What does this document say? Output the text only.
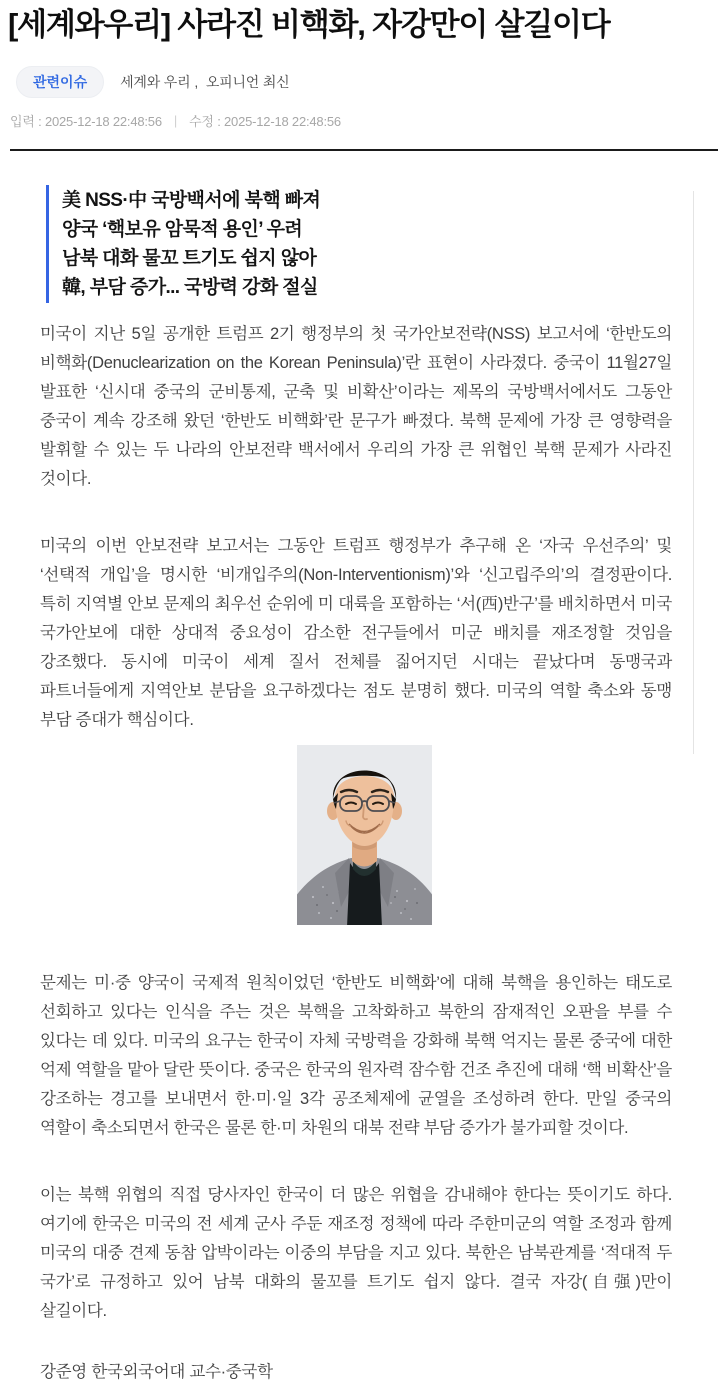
[세계와우리] 사라진 비핵화, 자강만이 살길이다
관련이슈	세계와 우리 , 오피니언 최신
입력 : 2025-12-18 22:48:56 | 수정 : 2025-12-18 22:48:56
美 NSS·中 국방백서에 북핵 빠져
양국 ‘핵보유 암묵적 용인’ 우려
남북 대화 물꼬 트기도 쉽지 않아
韓, 부담 증가... 국방력 강화 절실

미국이 지난 5일 공개한 트럼프 2기 행정부의 첫 국가안보전략(NSS) 보고서에 ‘한반도의 비핵화(Denuclearization on the Korean Peninsula)’란 표현이 사라졌다. 중국이 11월27일 발표한 ‘신시대 중국의 군비통제, 군축 및 비확산’이라는 제목의 국방백서에서도 그동안 중국이 계속 강조해 왔던 ‘한반도 비핵화’란 문구가 빠졌다. 북핵 문제에 가장 큰 영향력을 발휘할 수 있는 두 나라의 안보전략 백서에서 우리의 가장 큰 위협인 북핵 문제가 사라진 것이다.

미국의 이번 안보전략 보고서는 그동안 트럼프 행정부가 추구해 온 ‘자국 우선주의’ 및 ‘선택적 개입’을 명시한 ‘비개입주의(Non-Interventionism)’와 ‘신고립주의’의 결정판이다. 특히 지역별 안보 문제의 최우선 순위에 미 대륙을 포함하는 ‘서(西)반구’를 배치하면서 미국 국가안보에 대한 상대적 중요성이 감소한 전구들에서 미군 배치를 재조정할 것임을 강조했다. 동시에 미국이 세계 질서 전체를 짊어지던 시대는 끝났다며 동맹국과 파트너들에게 지역안보 분담을 요구하겠다는 점도 분명히 했다. 미국의 역할 축소와 동맹 부담 증대가 핵심이다.

문제는 미·중 양국이 국제적 원칙이었던 ‘한반도 비핵화’에 대해 북핵을 용인하는 태도로 선회하고 있다는 인식을 주는 것은 북핵을 고착화하고 북한의 잠재적인 오판을 부를 수 있다는 데 있다. 미국의 요구는 한국이 자체 국방력을 강화해 북핵 억지는 물론 중국에 대한 억제 역할을 맡아 달란 뜻이다. 중국은 한국의 원자력 잠수함 건조 추진에 대해 ‘핵 비확산’을 강조하는 경고를 보내면서 한·미·일 3각 공조체제에 균열을 조성하려 한다. 만일 중국의 역할이 축소되면서 한국은 물론 한·미 차원의 대북 전략 부담 증가가 불가피할 것이다.

이는 북핵 위협의 직접 당사자인 한국이 더 많은 위협을 감내해야 한다는 뜻이기도 하다. 여기에 한국은 미국의 전 세계 군사 주둔 재조정 정책에 따라 주한미군의 역할 조정과 함께 미국의 대중 견제 동참 압박이라는 이중의 부담을 지고 있다. 북한은 남북관계를 ‘적대적 두 국가’로 규정하고 있어 남북 대화의 물꼬를 트기도 쉽지 않다. 결국 자강(自强)만이 살길이다.

강준영 한국외국어대 교수·중국학
